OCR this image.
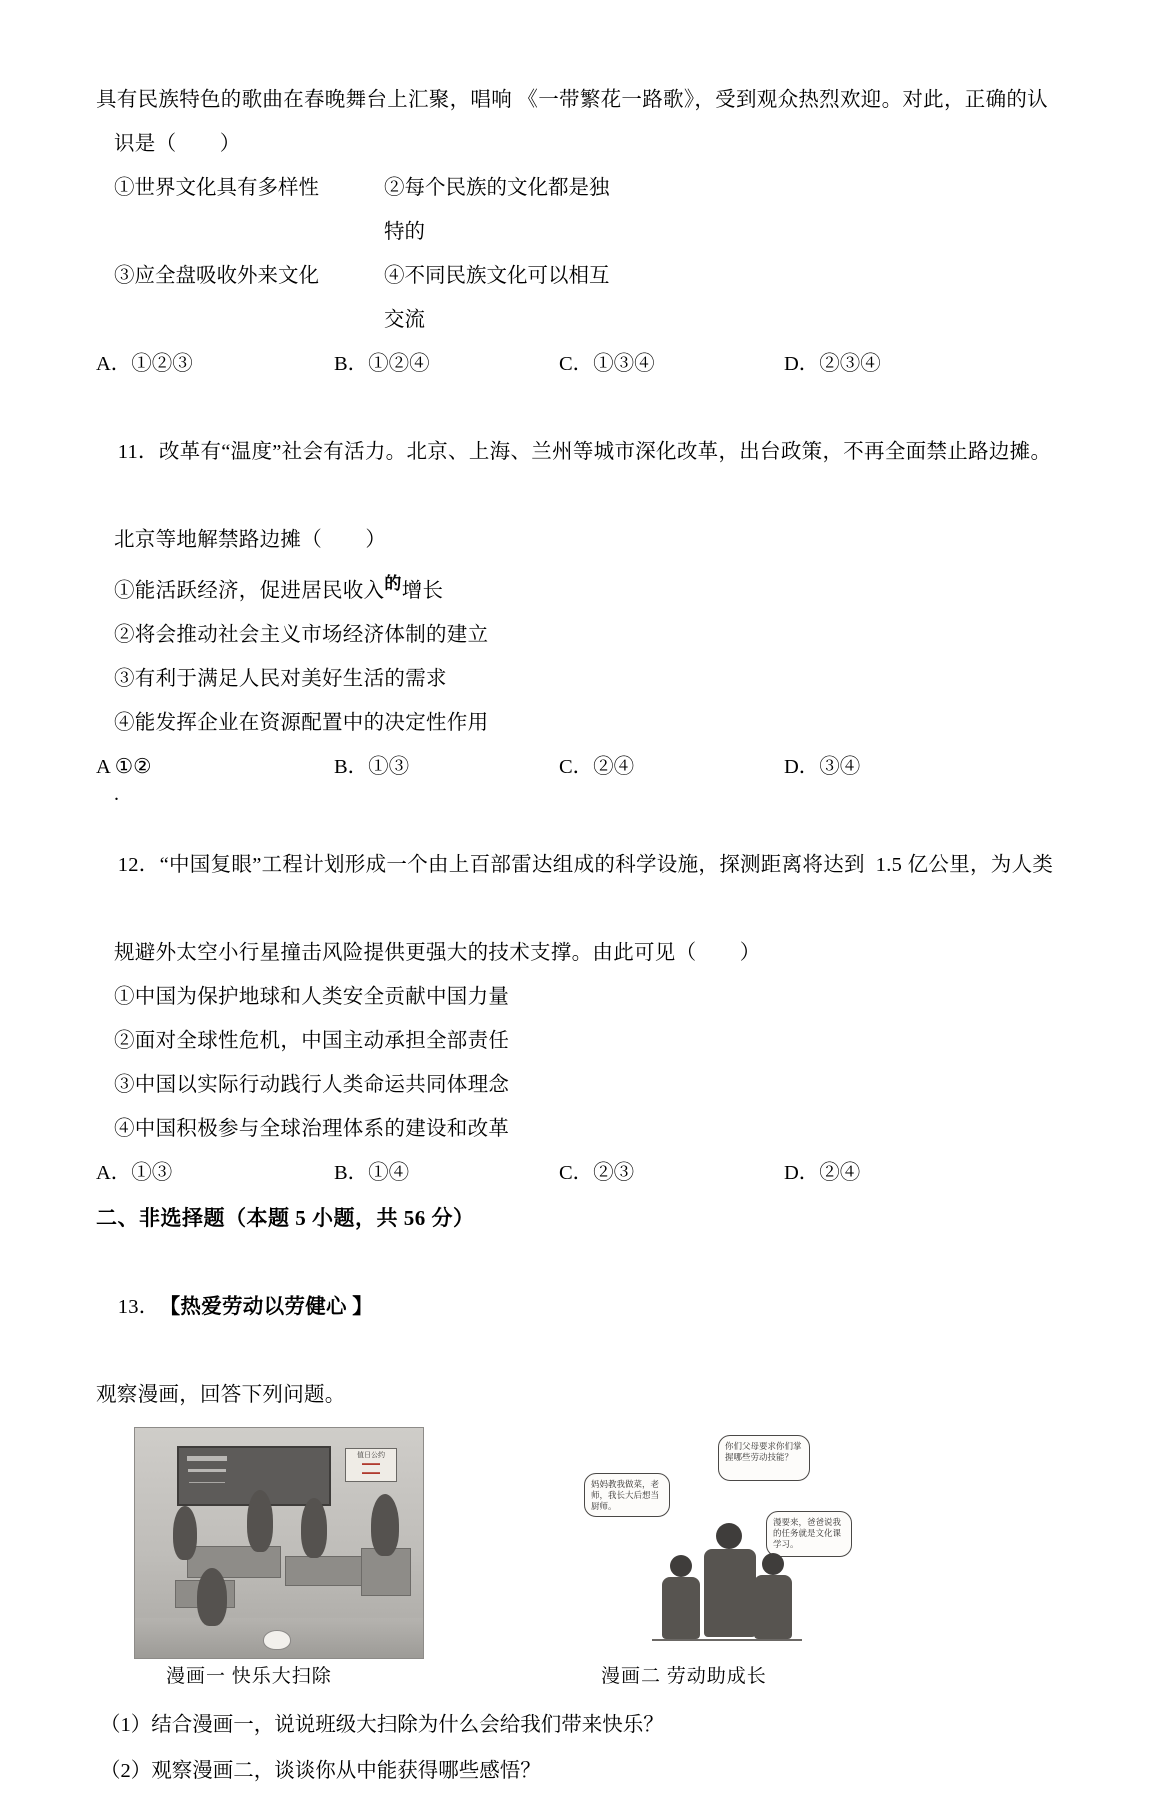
具有民族特色的歌曲在春晚舞台上汇聚，唱响 《一带繁花一路歌》，受到观众热烈欢迎。对此，正确的认
识是（        ）
①世界文化具有多样性	②每个民族的文化都是独特的
③应全盘吸收外来文化	④不同民族文化可以相互交流
A．①②③	B．①②④	C．①③④	D．②③④

11．改革有“温度”社会有活力。北京、上海、兰州等城市深化改革，出台政策，不再全面禁止路边摊。

北京等地解禁路边摊（        ）
①能活跃经济，促进居民收入$^的$增长
②将会推动社会主义市场经济体制的建立
③有利于满足人民对美好生活的需求
④能发挥企业在资源配置中的决定性作用
A ①②	B．①③	C．②④	D．③④
.

12．“中国复眼”工程计划形成一个由上百部雷达组成的科学设施，探测距离将达到  1.5 亿公里，为人类

规避外太空小行星撞击风险提供更强大的技术支撑。由此可见（        ）
①中国为保护地球和人类安全贡献中国力量
②面对全球性危机，中国主动承担全部责任
③中国以实际行动践行人类命运共同体理念
④中国积极参与全球治理体系的建设和改革
A．①③	B．①④	C．②③	D．②④
二、非选择题（本题 5 小题，共 56 分）

13．【热爱劳动以劳健心 】

观察漫画，回答下列问题。
值日公约
▬▬▬
▬▬▬
你们父母要求你们掌握哪些劳动技能？
妈妈教我做菜，老师，我长大后想当厨师。
漫要来，爸爸说我的任务就是文化课学习。
漫画一 快乐大扫除	漫画二 劳动助成长
（1）结合漫画一，说说班级大扫除为什么会给我们带来快乐？
（2）观察漫画二，谈谈你从中能获得哪些感悟？
